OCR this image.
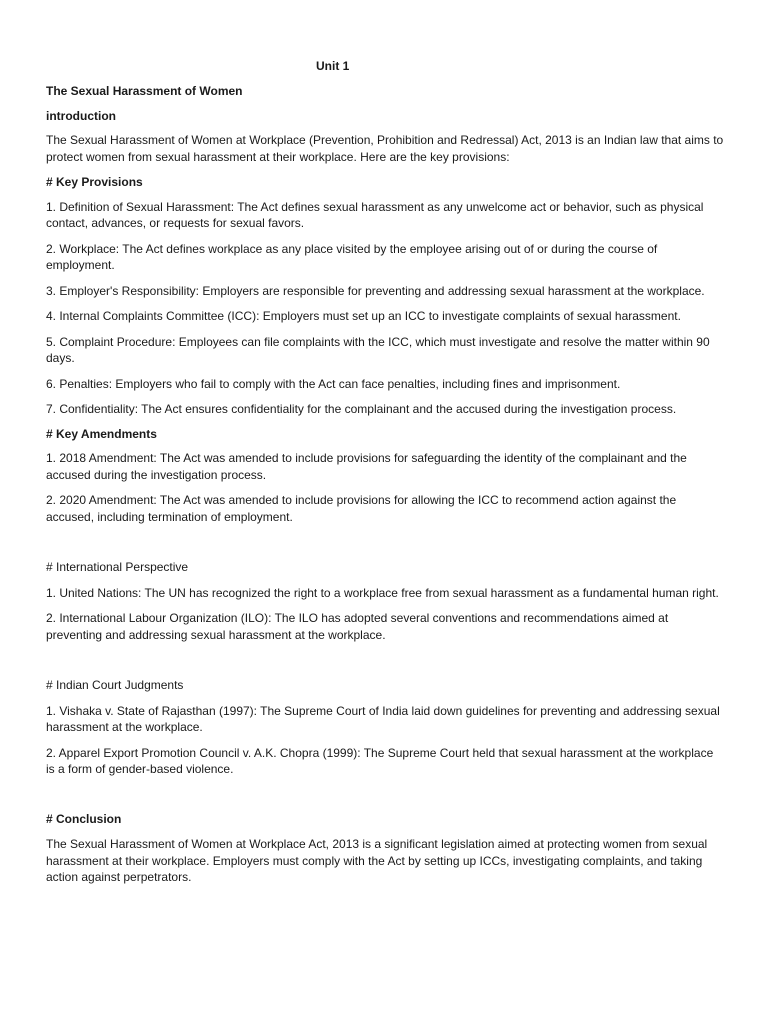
Unit 1

The Sexual Harassment of Women

introduction

The Sexual Harassment of Women at Workplace (Prevention, Prohibition and Redressal) Act, 2013 is an Indian law that aims to protect women from sexual harassment at their workplace. Here are the key provisions:

# Key Provisions

1. Definition of Sexual Harassment: The Act defines sexual harassment as any unwelcome act or behavior, such as physical contact, advances, or requests for sexual favors.

2. Workplace: The Act defines workplace as any place visited by the employee arising out of or during the course of employment.

3. Employer's Responsibility: Employers are responsible for preventing and addressing sexual harassment at the workplace.

4. Internal Complaints Committee (ICC): Employers must set up an ICC to investigate complaints of sexual harassment.

5. Complaint Procedure: Employees can file complaints with the ICC, which must investigate and resolve the matter within 90 days.

6. Penalties: Employers who fail to comply with the Act can face penalties, including fines and imprisonment.

7. Confidentiality: The Act ensures confidentiality for the complainant and the accused during the investigation process.

# Key Amendments

1. 2018 Amendment: The Act was amended to include provisions for safeguarding the identity of the complainant and the accused during the investigation process.

2. 2020 Amendment: The Act was amended to include provisions for allowing the ICC to recommend action against the accused, including termination of employment.

# International Perspective

1. United Nations: The UN has recognized the right to a workplace free from sexual harassment as a fundamental human right.

2. International Labour Organization (ILO): The ILO has adopted several conventions and recommendations aimed at preventing and addressing sexual harassment at the workplace.

# Indian Court Judgments

1. Vishaka v. State of Rajasthan (1997): The Supreme Court of India laid down guidelines for preventing and addressing sexual harassment at the workplace.

2. Apparel Export Promotion Council v. A.K. Chopra (1999): The Supreme Court held that sexual harassment at the workplace is a form of gender-based violence.

# Conclusion

The Sexual Harassment of Women at Workplace Act, 2013 is a significant legislation aimed at protecting women from sexual harassment at their workplace. Employers must comply with the Act by setting up ICCs, investigating complaints, and taking action against perpetrators.
